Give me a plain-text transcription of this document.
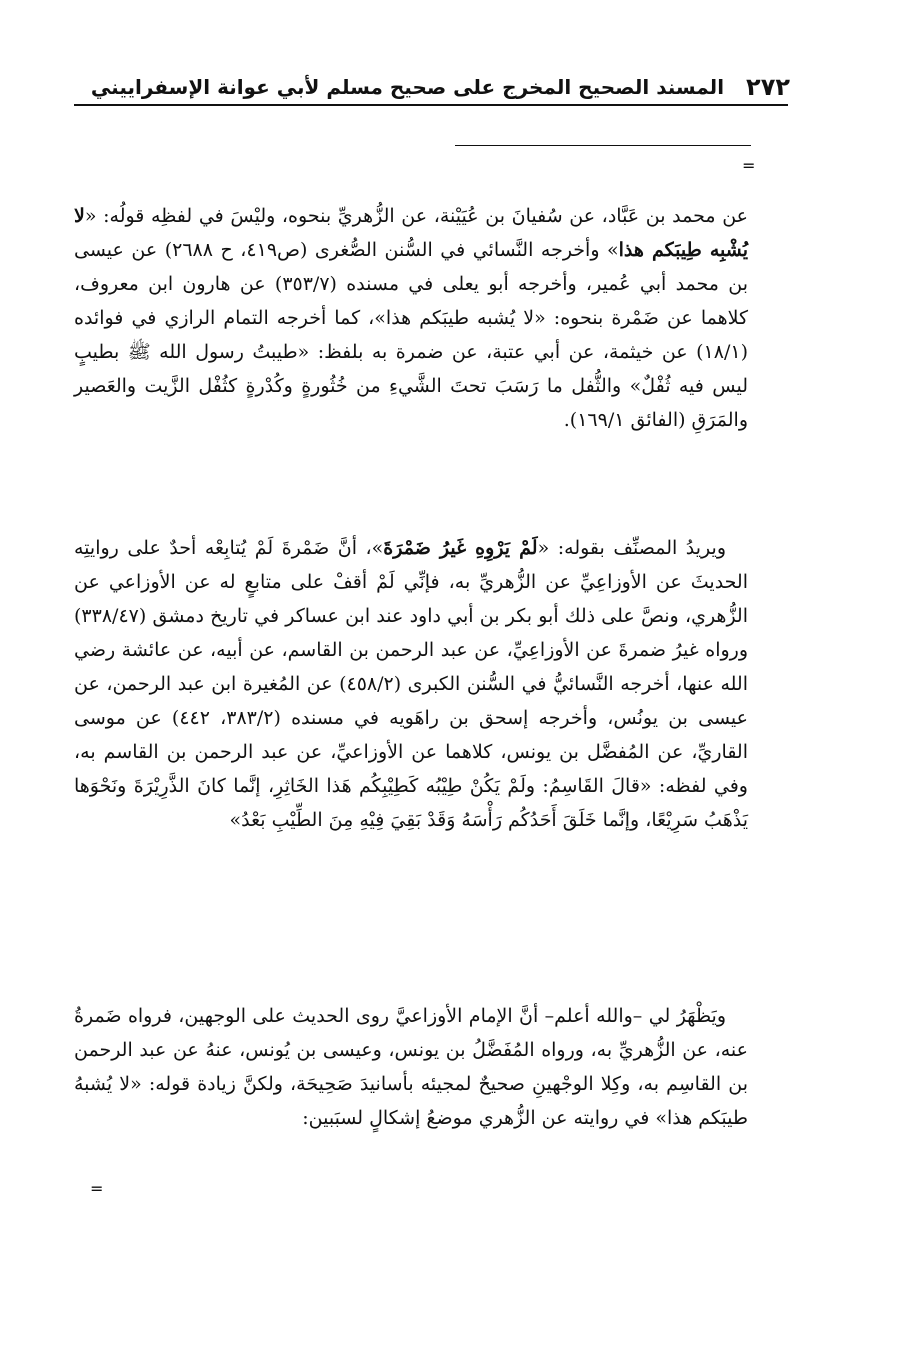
٢٧٢
المسند الصحيح المخرج على صحيح مسلم لأبي عوانة الإسفراييني
=

عن محمد بن عَبَّاد، عن سُفيانَ بن عُيَيْنة، عن الزُّهريِّ بنحوه، وليْسَ في لفظِه قولُه: «لا يُشْبِه طِيبَكم هذا» وأخرجه النَّسائي في السُّنن الصُّغرى (ص٤١٩، ح ٢٦٨٨) عن عيسى بن محمد أبي عُمير، وأخرجه أبو يعلى في مسنده (٣٥٣/٧) عن هارون ابن معروف، كلاهما عن ضَمْرة بنحوه: «لا يُشبه طيبَكم هذا»، كما أخرجه التمام الرازي في فوائده (١٨/١) عن خيثمة، عن أبي عتبة، عن ضمرة به بلفظ: «طيبتُ رسول الله ﷺ بطيبٍ ليس فيه ثُفْلٌ» والثُّفل ما رَسَبَ تحتَ الشَّيءِ من خُثُورةٍ وكُدْرةٍ كثُفْل الزَّيت والعَصير والمَرَقِ (الفائق ١٦٩/١).

ويريدُ المصنِّف بقوله: «لَمْ يَرْوِهِ غَيرُ ضَمْرَةَ»، أنَّ ضَمْرةَ لَمْ يُتابِعْه أحدٌ على روايتِه الحديثَ عن الأوزاعِيِّ عن الزُّهريِّ به، فإنِّي لَمْ أقفْ على متابعٍ له عن الأوزاعي عن الزُّهري، ونصَّ على ذلك أبو بكر بن أبي داود عند ابن عساكر في تاريخ دمشق (٣٣٨/٤٧) ورواه غيرُ ضمرةَ عن الأوزاعِيِّ، عن عبد الرحمن بن القاسم، عن أبيه، عن عائشة رضي الله عنها، أخرجه النَّسائيُّ في السُّنن الكبرى (٤٥٨/٢) عن المُغيرة ابن عبد الرحمن، عن عيسى بن يونُس، وأخرجه إسحق بن راهَويه في مسنده (٣٨٣/٢، ٤٤٢) عن موسى القاريِّ، عن المُفضَّل بن يونس، كلاهما عن الأوزاعيِّ، عن عبد الرحمن بن القاسم به، وفي لفظه: «قالَ القَاسِمُ: ولَمْ يَكُنْ طِيْبُه كَطِيْبِكُم هَذا الخَاثِرِ، إنَّما كانَ الذَّرِيْرَةَ ونَحْوَها يَذْهَبُ سَرِيْعًا، وإنَّما خَلَقَ أَحَدُكُم رَأْسَهُ وَقَدْ بَقِيَ فِيْهِ مِنَ الطِّيْبِ بَعْدُ»

ويَظْهَرُ لي –والله أعلم– أنَّ الإمام الأوزاعيَّ روى الحديث على الوجهين، فرواه ضَمرةُ عنه، عن الزُّهريِّ به، ورواه المُفَضَّلُ بن يونس، وعيسى بن يُونس، عنهُ عن عبد الرحمن بن القاسِم به، وكِلا الوجْهينِ صحيحٌ لمجيئه بأسانيدَ صَحِيحَة، ولكنَّ زيادة قوله: «لا يُشبهُ طيبَكم هذا» في روايته عن الزُّهري موضعُ إشكالٍ لسبَبين:

=
